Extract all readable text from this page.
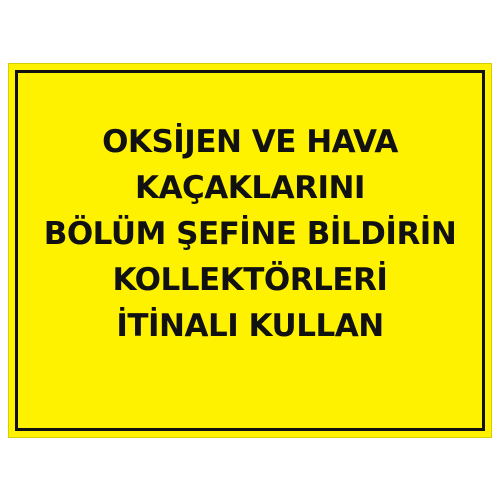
OKSİJEN VE HAVA
KAÇAKLARINI
BÖLÜM ŞEFİNE BİLDİRİN
KOLLEKTÖRLERİ
İTİNALI KULLAN
